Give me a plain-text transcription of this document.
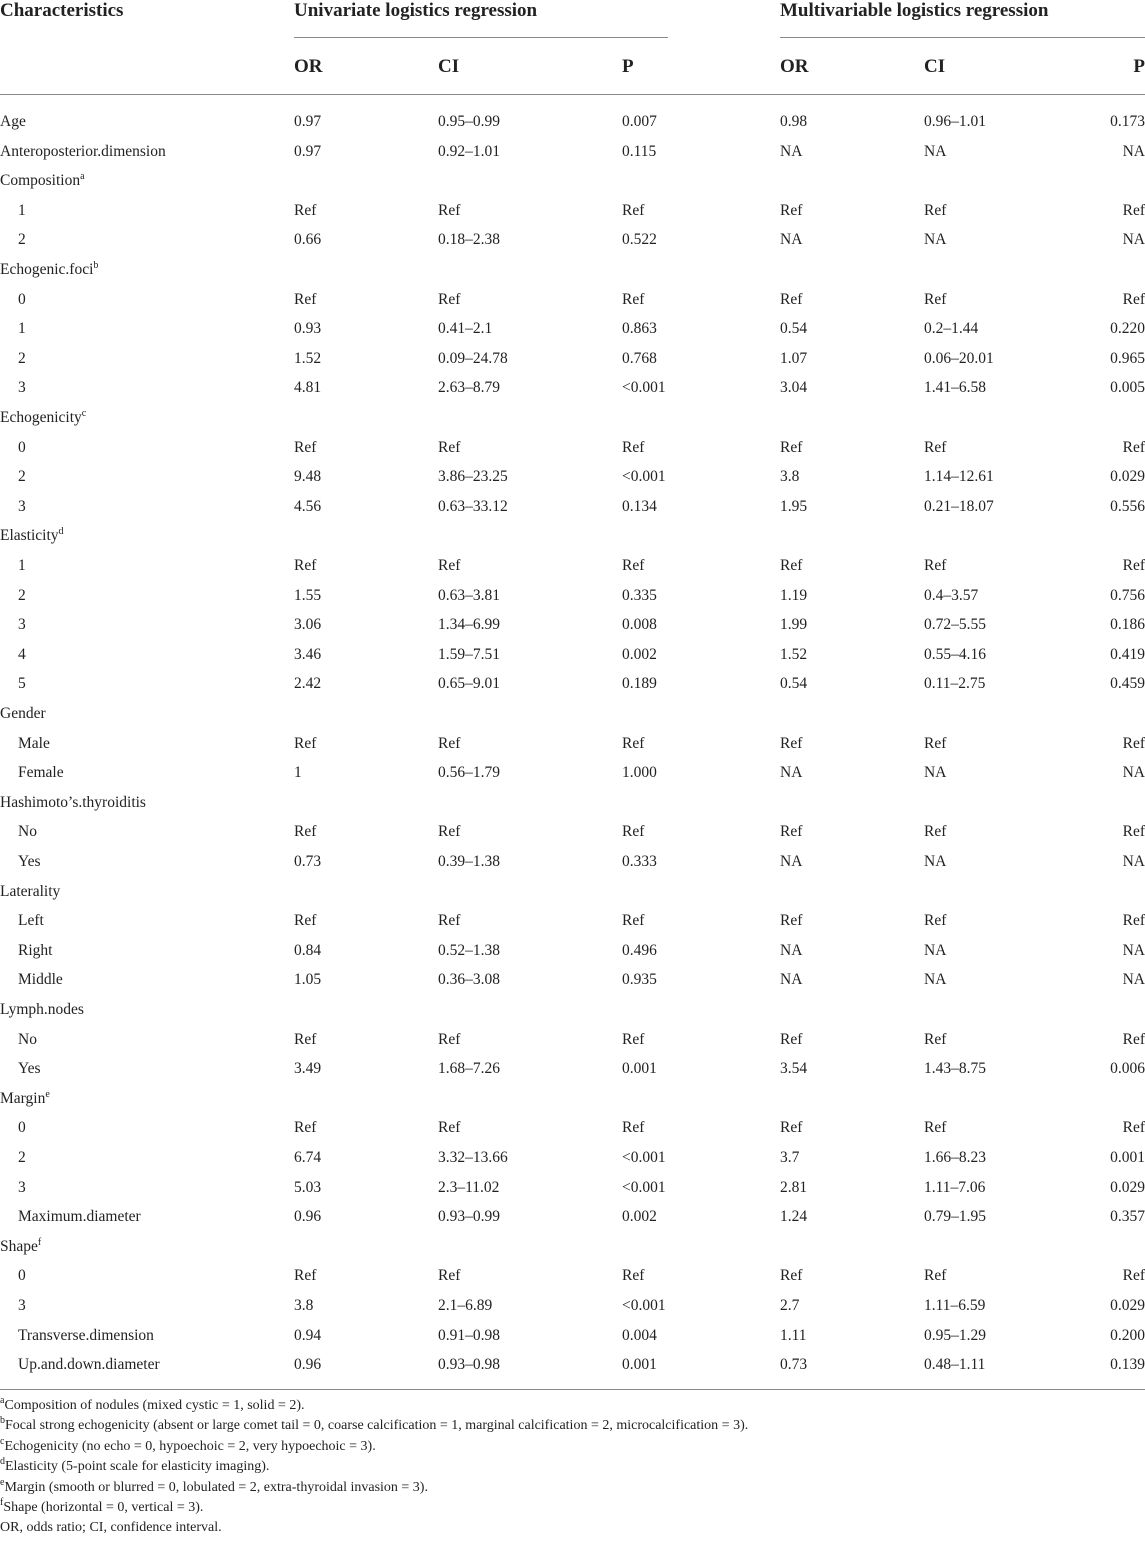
Characteristics	Univariate logistics regression	Multivariable logistics regression
OR	CI	P	OR	CI	P
Age	0.97	0.95–0.99	0.007	0.98	0.96–1.01	0.173
Anteroposterior.dimension	0.97	0.92–1.01	0.115	NA	NA	NA
Composition$^a$
1	Ref	Ref	Ref	Ref	Ref	Ref
2	0.66	0.18–2.38	0.522	NA	NA	NA
Echogenic.foci$^b$
0	Ref	Ref	Ref	Ref	Ref	Ref
1	0.93	0.41–2.1	0.863	0.54	0.2–1.44	0.220
2	1.52	0.09–24.78	0.768	1.07	0.06–20.01	0.965
3	4.81	2.63–8.79	<0.001	3.04	1.41–6.58	0.005
Echogenicity$^c$
0	Ref	Ref	Ref	Ref	Ref	Ref
2	9.48	3.86–23.25	<0.001	3.8	1.14–12.61	0.029
3	4.56	0.63–33.12	0.134	1.95	0.21–18.07	0.556
Elasticity$^d$
1	Ref	Ref	Ref	Ref	Ref	Ref
2	1.55	0.63–3.81	0.335	1.19	0.4–3.57	0.756
3	3.06	1.34–6.99	0.008	1.99	0.72–5.55	0.186
4	3.46	1.59–7.51	0.002	1.52	0.55–4.16	0.419
5	2.42	0.65–9.01	0.189	0.54	0.11–2.75	0.459
Gender
Male	Ref	Ref	Ref	Ref	Ref	Ref
Female	1	0.56–1.79	1.000	NA	NA	NA
Hashimoto’s.thyroiditis
No	Ref	Ref	Ref	Ref	Ref	Ref
Yes	0.73	0.39–1.38	0.333	NA	NA	NA
Laterality
Left	Ref	Ref	Ref	Ref	Ref	Ref
Right	0.84	0.52–1.38	0.496	NA	NA	NA
Middle	1.05	0.36–3.08	0.935	NA	NA	NA
Lymph.nodes
No	Ref	Ref	Ref	Ref	Ref	Ref
Yes	3.49	1.68–7.26	0.001	3.54	1.43–8.75	0.006
Margin$^e$
0	Ref	Ref	Ref	Ref	Ref	Ref
2	6.74	3.32–13.66	<0.001	3.7	1.66–8.23	0.001
3	5.03	2.3–11.02	<0.001	2.81	1.11–7.06	0.029
Maximum.diameter	0.96	0.93–0.99	0.002	1.24	0.79–1.95	0.357
Shape$^f$
0	Ref	Ref	Ref	Ref	Ref	Ref
3	3.8	2.1–6.89	<0.001	2.7	1.11–6.59	0.029
Transverse.dimension	0.94	0.91–0.98	0.004	1.11	0.95–1.29	0.200
Up.and.down.diameter	0.96	0.93–0.98	0.001	0.73	0.48–1.11	0.139
$^a$Composition of nodules (mixed cystic = 1, solid = 2).
$^b$Focal strong echogenicity (absent or large comet tail = 0, coarse calcification = 1, marginal calcification = 2, microcalcification = 3).
$^c$Echogenicity (no echo = 0, hypoechoic = 2, very hypoechoic = 3).
$^d$Elasticity (5-point scale for elasticity imaging).
$^e$Margin (smooth or blurred = 0, lobulated = 2, extra-thyroidal invasion = 3).
$^f$Shape (horizontal = 0, vertical = 3).
OR, odds ratio; CI, confidence interval.
